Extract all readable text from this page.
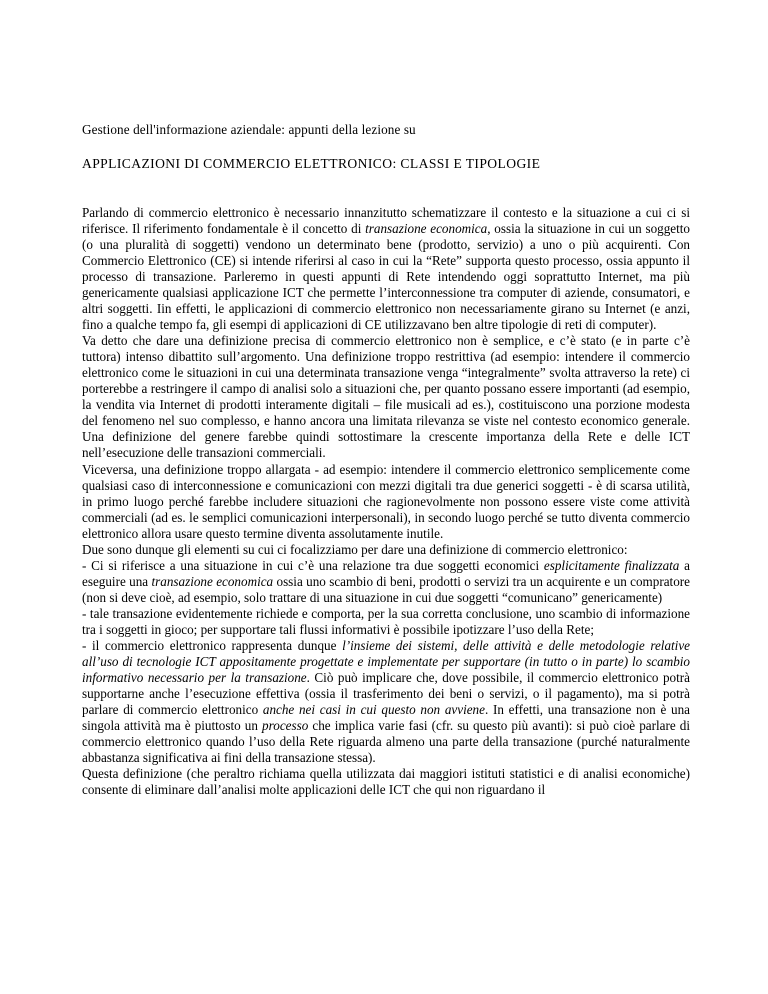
Gestione dell'informazione aziendale: appunti della lezione su
APPLICAZIONI DI COMMERCIO ELETTRONICO: CLASSI E TIPOLOGIE

Parlando di commercio elettronico è necessario innanzitutto schematizzare il contesto e la situazione a cui ci si riferisce. Il riferimento fondamentale è il concetto di transazione economica, ossia la situazione in cui un soggetto (o una pluralità di soggetti) vendono un determinato bene (prodotto, servizio) a uno o più acquirenti. Con Commercio Elettronico (CE) si intende riferirsi al caso in cui la “Rete” supporta questo processo, ossia appunto il processo di transazione. Parleremo in questi appunti di Rete intendendo oggi soprattutto Internet, ma più genericamente qualsiasi applicazione ICT che permette l’interconnessione tra computer di aziende, consumatori, e altri soggetti. Iin effetti, le applicazioni di commercio elettronico non necessariamente girano su Internet (e anzi, fino a qualche tempo fa, gli esempi di applicazioni di CE utilizzavano ben altre tipologie di reti di computer).

Va detto che dare una definizione precisa di commercio elettronico non è semplice, e c’è stato (e in parte c’è tuttora) intenso dibattito sull’argomento. Una definizione troppo restrittiva (ad esempio: intendere il commercio elettronico come le situazioni in cui una determinata transazione venga “integralmente” svolta attraverso la rete) ci porterebbe a restringere il campo di analisi solo a situazioni che, per quanto possano essere importanti (ad esempio, la vendita via Internet di prodotti interamente digitali – file musicali ad es.), costituiscono una porzione modesta del fenomeno nel suo complesso, e hanno ancora una limitata rilevanza se viste nel contesto economico generale. Una definizione del genere farebbe quindi sottostimare la crescente importanza della Rete e delle ICT nell’esecuzione delle transazioni commerciali.

Viceversa, una definizione troppo allargata - ad esempio: intendere il commercio elettronico semplicemente come qualsiasi caso di interconnessione e comunicazioni con mezzi digitali tra due generici soggetti - è di scarsa utilità, in primo luogo perché farebbe includere situazioni che ragionevolmente non possono essere viste come attività commerciali (ad es. le semplici comunicazioni interpersonali), in secondo luogo perché se tutto diventa commercio elettronico allora usare questo termine diventa assolutamente inutile.

Due sono dunque gli elementi su cui ci focalizziamo per dare una definizione di commercio elettronico:

- Ci si riferisce a una situazione in cui c’è una relazione tra due soggetti economici esplicitamente finalizzata a eseguire una transazione economica ossia uno scambio di beni, prodotti o servizi tra un acquirente e un compratore (non si deve cioè, ad esempio, solo trattare di una situazione in cui due soggetti “comunicano” genericamente)

- tale transazione evidentemente richiede e comporta, per la sua corretta conclusione, uno scambio di informazione tra i soggetti in gioco; per supportare tali flussi informativi è possibile ipotizzare l’uso della Rete;

- il commercio elettronico rappresenta dunque l’insieme dei sistemi, delle attività e delle metodologie relative all’uso di tecnologie ICT appositamente progettate e implementate per supportare (in tutto o in parte) lo scambio informativo necessario per la transazione. Ciò può implicare che, dove possibile, il commercio elettronico potrà supportarne anche l’esecuzione effettiva (ossia il trasferimento dei beni o servizi, o il pagamento), ma si potrà parlare di commercio elettronico anche nei casi in cui questo non avviene. In effetti, una transazione non è una singola attività ma è piuttosto un processo che implica varie fasi (cfr. su questo più avanti): si può cioè parlare di commercio elettronico quando l’uso della Rete riguarda almeno una parte della transazione (purché naturalmente abbastanza significativa ai fini della transazione stessa).

Questa definizione (che peraltro richiama quella utilizzata dai maggiori istituti statistici e di analisi economiche) consente di eliminare dall’analisi molte applicazioni delle ICT che qui non riguardano il
